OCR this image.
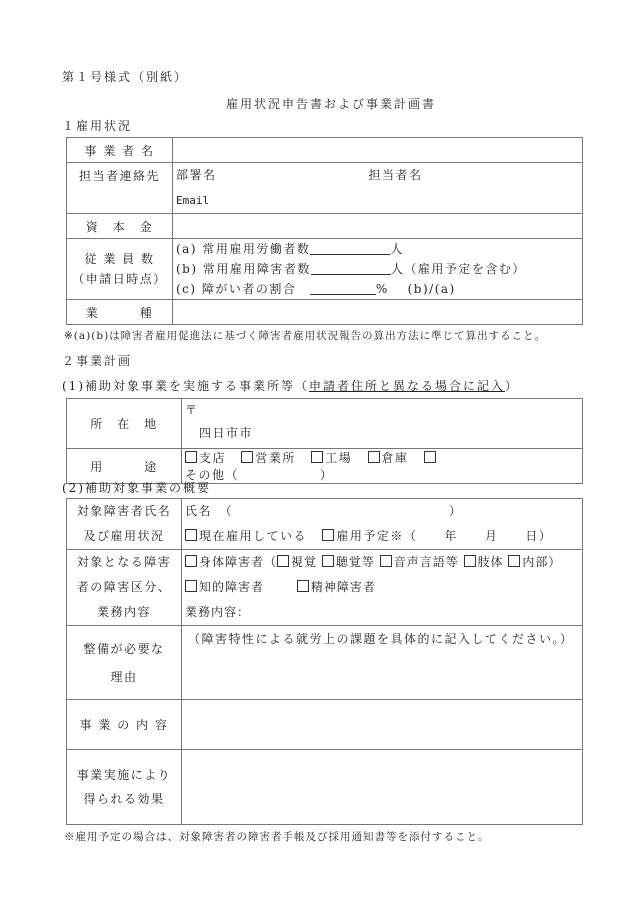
第１号様式（別紙）
雇用状況申告書および事業計画書
１雇用状況
事 業 者 名	
担当者連絡先	部署名 担当者名
Email

資　本　金	

従 業 員 数
（申請日時点）	(a) 常用雇用労働者数 人
(b) 常用雇用障害者数 人（雇用予定を含む）
(c) 障がい者の割合　 %　 (b)/(a)

業　　　種	
※(a)(b)は障害者雇用促進法に基づく障害者雇用状況報告の算出方法に準じて算出すること。
２事業計画
(1)補助対象事業を実施する事業所等（申請者住所と異なる場合に記入）
所　在　地	〒
四日市市

用　　　途	支店 営業所 工場 倉庫 その他（　　　　　　）
(2)補助対象事業の概要
対象障害者氏名
及び雇用状況	氏名　（　　　　　　　　　　　　　　　　）
現在雇用している 雇用予定※（　　年　　月　　日）

対象となる障害
者の障害区分、
業務内容	身体障害者（ 視覚 聴覚等 音声言語等 肢体 内部）
知的障害者 精神障害者
業務内容：

整備が必要な
理由	（障害特性による就労上の課題を具体的に記入してください。）
事 業 の 内 容	

事業実施により
得られる効果	

※雇用予定の場合は、対象障害者の障害者手帳及び採用通知書等を添付すること。
